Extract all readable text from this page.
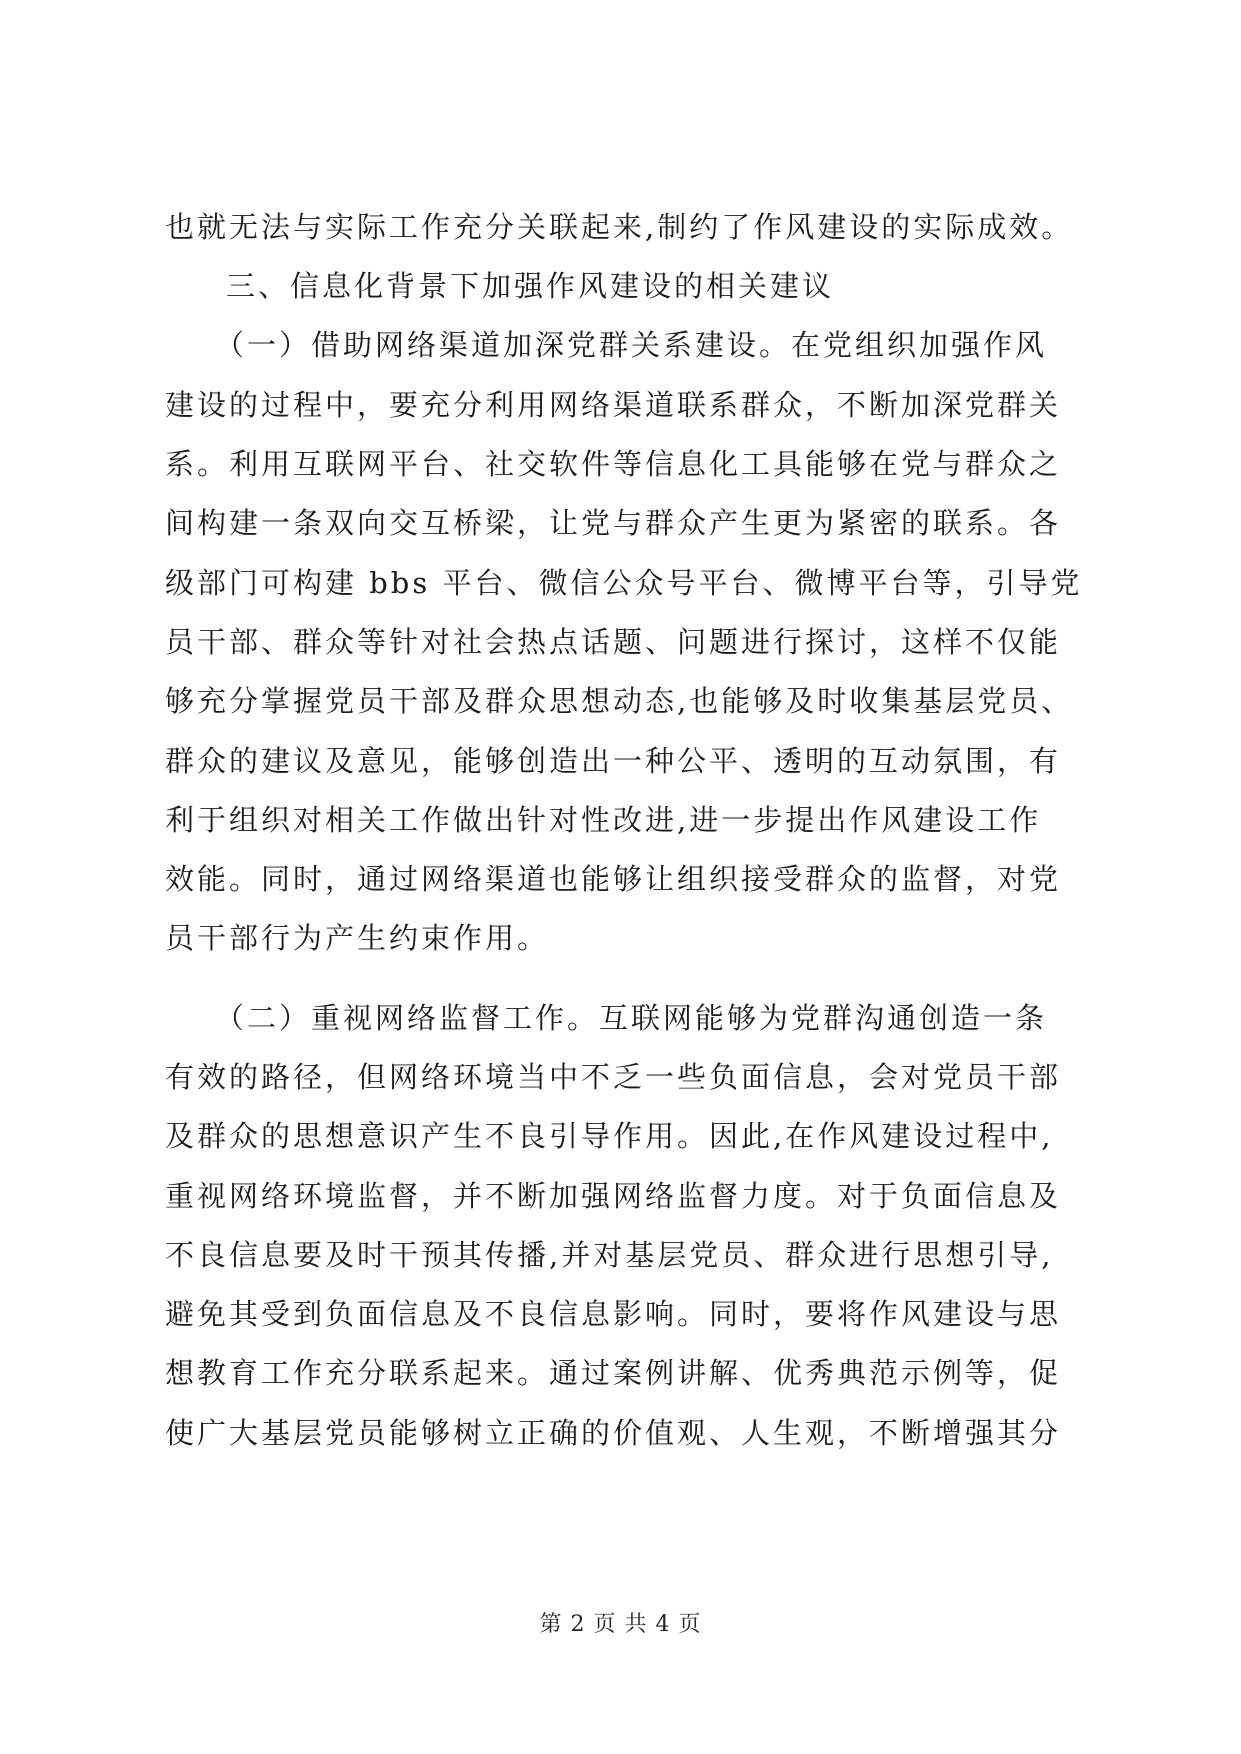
也就无法与实际工作充分关联起来,制约了作风建设的实际成效。
三、信息化背景下加强作风建设的相关建议
（一）借助网络渠道加深党群关系建设。在党组织加强作风
建设的过程中，要充分利用网络渠道联系群众，不断加深党群关
系。利用互联网平台、社交软件等信息化工具能够在党与群众之
间构建一条双向交互桥梁，让党与群众产生更为紧密的联系。各
级部门可构建 bbs 平台、微信公众号平台、微博平台等，引导党
员干部、群众等针对社会热点话题、问题进行探讨，这样不仅能
够充分掌握党员干部及群众思想动态,也能够及时收集基层党员、
群众的建议及意见，能够创造出一种公平、透明的互动氛围，有
利于组织对相关工作做出针对性改进,进一步提出作风建设工作
效能。同时，通过网络渠道也能够让组织接受群众的监督，对党
员干部行为产生约束作用。
（二）重视网络监督工作。互联网能够为党群沟通创造一条
有效的路径，但网络环境当中不乏一些负面信息，会对党员干部
及群众的思想意识产生不良引导作用。因此,在作风建设过程中,
重视网络环境监督，并不断加强网络监督力度。对于负面信息及
不良信息要及时干预其传播,并对基层党员、群众进行思想引导,
避免其受到负面信息及不良信息影响。同时，要将作风建设与思
想教育工作充分联系起来。通过案例讲解、优秀典范示例等，促
使广大基层党员能够树立正确的价值观、人生观，不断增强其分
第 2 页 共 4 页
